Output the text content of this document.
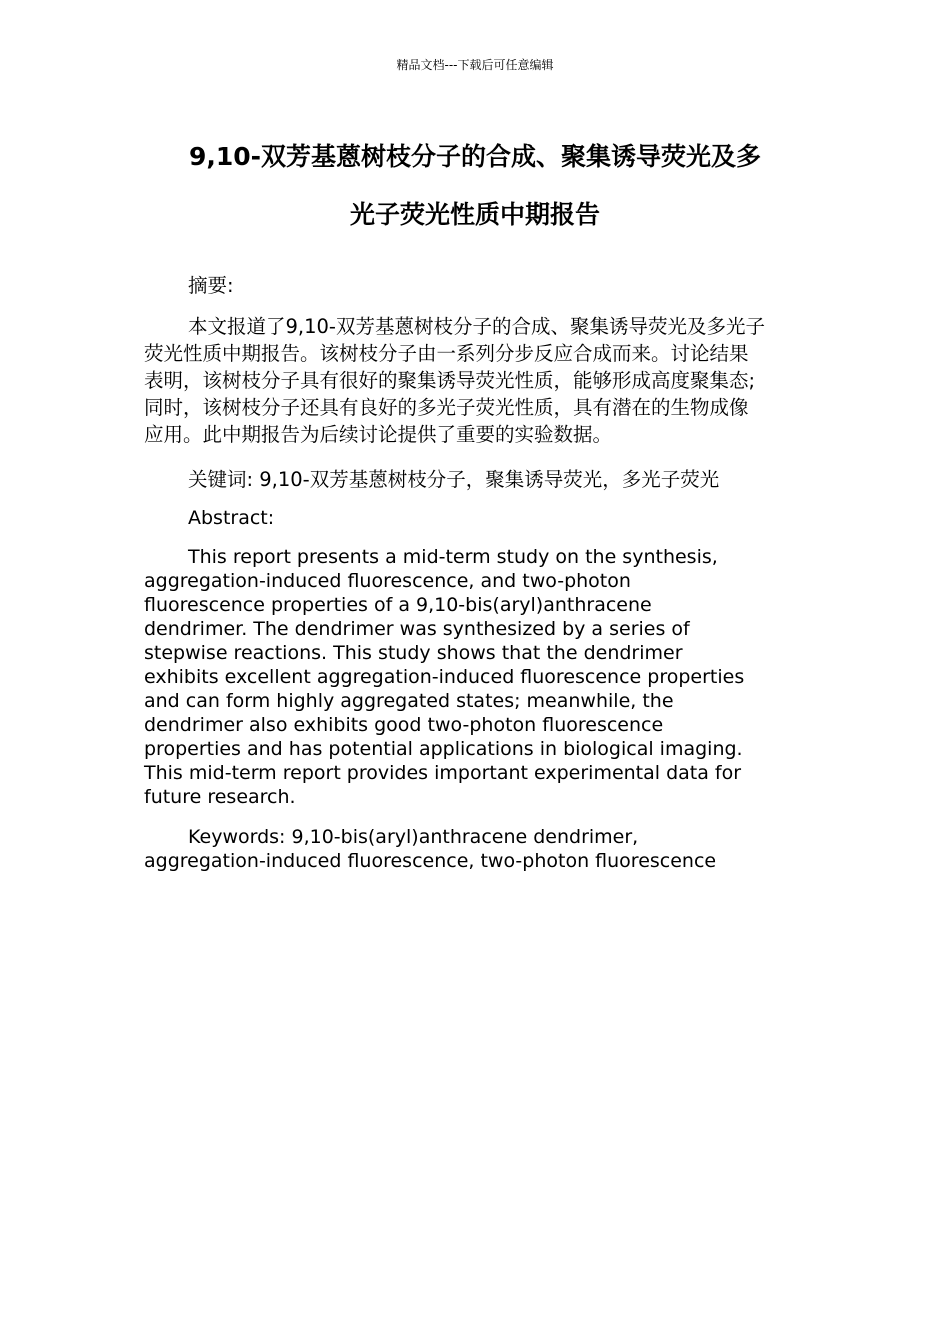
精品文档---下载后可任意编辑
9,10-双芳基蒽树枝分子的合成、聚集诱导荧光及多
光子荧光性质中期报告

摘要:

本文报道了9,10-双芳基蒽树枝分子的合成、聚集诱导荧光及多光子
荧光性质中期报告。该树枝分子由一系列分步反应合成而来。讨论结果
表明，该树枝分子具有很好的聚集诱导荧光性质，能够形成高度聚集态;
同时，该树枝分子还具有良好的多光子荧光性质，具有潜在的生物成像
应用。此中期报告为后续讨论提供了重要的实验数据。

关键词: 9,10-双芳基蒽树枝分子，聚集诱导荧光，多光子荧光

Abstract:

This report presents a mid-term study on the synthesis,
aggregation-induced fluorescence, and two-photon
fluorescence properties of a 9,10-bis(aryl)anthracene
dendrimer. The dendrimer was synthesized by a series of
stepwise reactions. This study shows that the dendrimer
exhibits excellent aggregation-induced fluorescence properties
and can form highly aggregated states; meanwhile, the
dendrimer also exhibits good two-photon fluorescence
properties and has potential applications in biological imaging.
This mid-term report provides important experimental data for
future research.

Keywords: 9,10-bis(aryl)anthracene dendrimer,
aggregation-induced fluorescence, two-photon fluorescence
